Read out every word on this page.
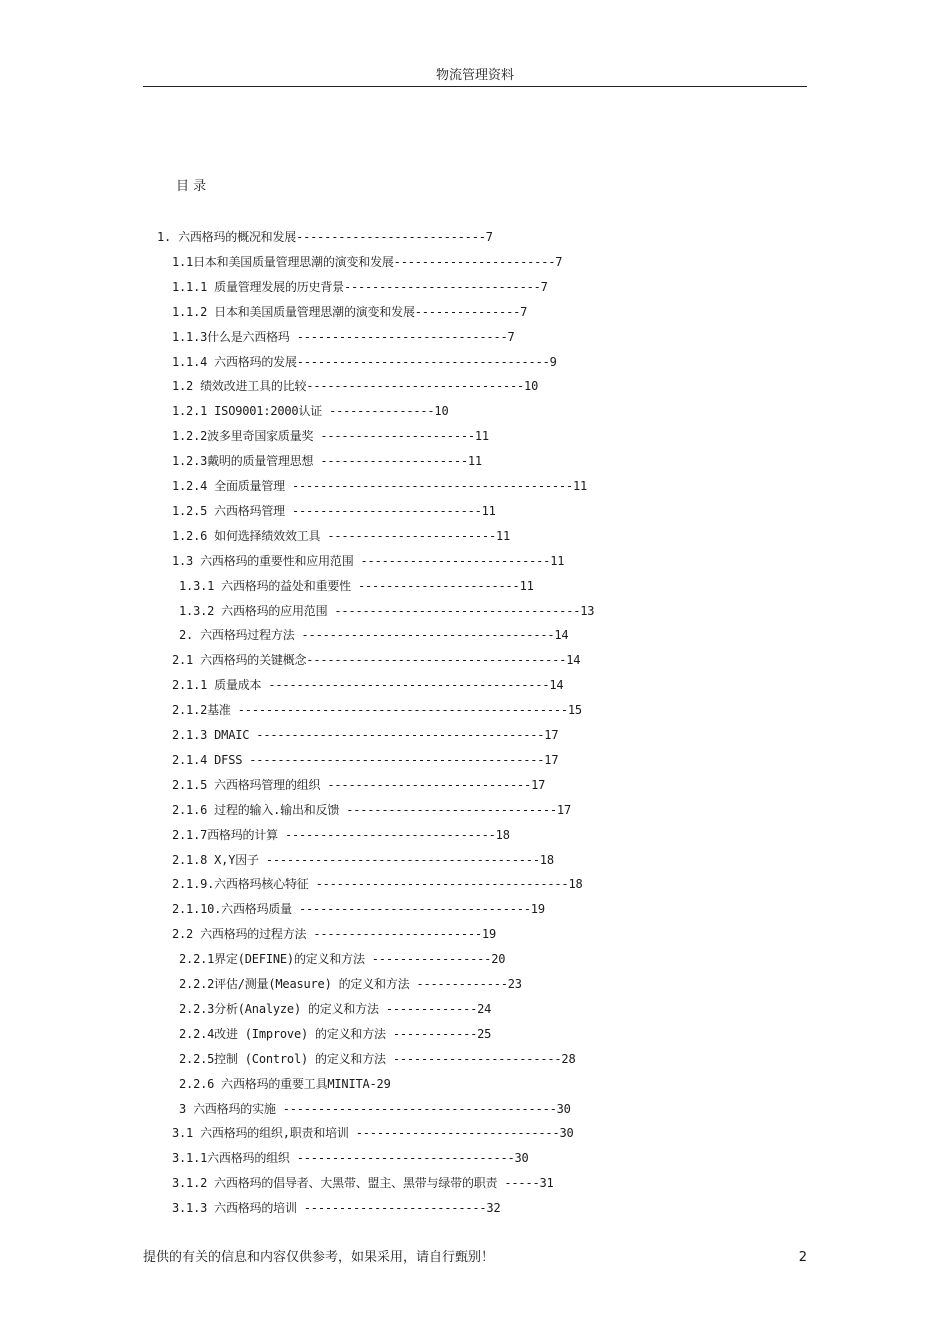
物流管理资料
目 录
1. 六西格玛的概况和发展---------------------------7
1.1日本和美国质量管理思潮的演变和发展-----------------------7
1.1.1 质量管理发展的历史背景----------------------------7
1.1.2 日本和美国质量管理思潮的演变和发展---------------7
1.1.3什么是六西格玛 ------------------------------7
1.1.4 六西格玛的发展------------------------------------9
1.2 绩效改进工具的比较-------------------------------10
1.2.1 ISO9001:2000认证 ---------------10
1.2.2波多里奇国家质量奖 ----------------------11
1.2.3戴明的质量管理思想 ---------------------11
1.2.4 全面质量管理 ----------------------------------------11
1.2.5 六西格玛管理 ---------------------------11
1.2.6 如何选择绩效效工具 ------------------------11
1.3 六西格玛的重要性和应用范围 ---------------------------11
1.3.1 六西格玛的益处和重要性 -----------------------11
1.3.2 六西格玛的应用范围 -----------------------------------13
2. 六西格玛过程方法 ------------------------------------14
2.1 六西格玛的关键概念-------------------------------------14
2.1.1 质量成本 ----------------------------------------14
2.1.2基准 -----------------------------------------------15
2.1.3 DMAIC -----------------------------------------17
2.1.4 DFSS ------------------------------------------17
2.1.5 六西格玛管理的组织 -----------------------------17
2.1.6 过程的输入.输出和反馈 ------------------------------17
2.1.7西格玛的计算 ------------------------------18
2.1.8 X,Y因子 ---------------------------------------18
2.1.9.六西格玛核心特征 ------------------------------------18
2.1.10.六西格玛质量 ---------------------------------19
2.2 六西格玛的过程方法 ------------------------19
2.2.1界定(DEFINE)的定义和方法 -----------------20
2.2.2评估/测量(Measure) 的定义和方法 -------------23
2.2.3分析(Analyze) 的定义和方法 -------------24
2.2.4改进 (Improve) 的定义和方法 ------------25
2.2.5控制 (Control) 的定义和方法 ------------------------28
2.2.6 六西格玛的重要工具MINITA-29
3 六西格玛的实施 ---------------------------------------30
3.1 六西格玛的组织,职责和培训 -----------------------------30
3.1.1六西格玛的组织 -------------------------------30
3.1.2 六西格玛的倡导者、大黑带、盟主、黑带与绿带的职责 -----31
3.1.3 六西格玛的培训 --------------------------32
提供的有关的信息和内容仅供参考，如果采用，请自行甄别！	2
